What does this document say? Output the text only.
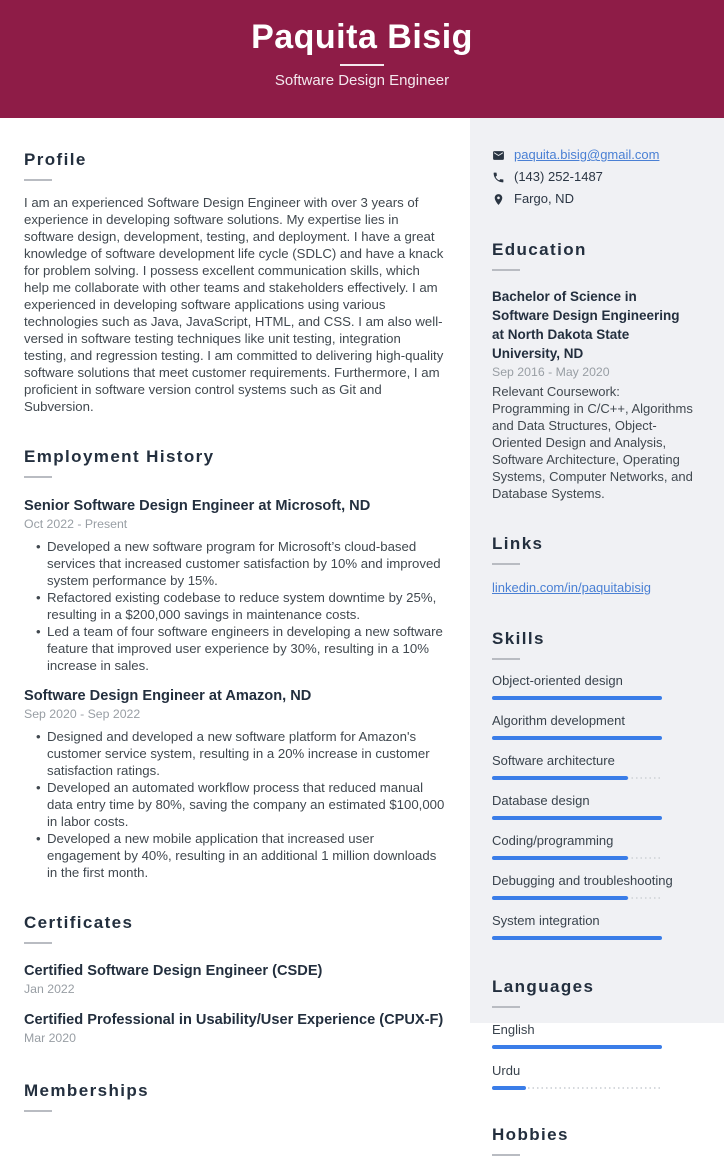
Paquita Bisig
Software Design Engineer
Profile

I am an experienced Software Design Engineer with over 3 years of experience in developing software solutions. My expertise lies in software design, development, testing, and deployment. I have a great knowledge of software development life cycle (SDLC) and have a knack for problem solving. I possess excellent communication skills, which help me collaborate with other teams and stakeholders effectively. I am experienced in developing software applications using various technologies such as Java, JavaScript, HTML, and CSS. I am also well-versed in software testing techniques like unit testing, integration testing, and regression testing. I am committed to delivering high-quality software solutions that meet customer requirements. Furthermore, I am proficient in software version control systems such as Git and Subversion.

Employment History
Senior Software Design Engineer at Microsoft, ND
Oct 2022 - Present
• Developed a new software program for Microsoft’s cloud-based services that increased customer satisfaction by 10% and improved system performance by 15%.
• Refactored existing codebase to reduce system downtime by 25%, resulting in a $200,000 savings in maintenance costs.
• Led a team of four software engineers in developing a new software feature that improved user experience by 30%, resulting in a 10% increase in sales.
Software Design Engineer at Amazon, ND
Sep 2020 - Sep 2022
• Designed and developed a new software platform for Amazon's customer service system, resulting in a 20% increase in customer satisfaction ratings.
• Developed an automated workflow process that reduced manual data entry time by 80%, saving the company an estimated $100,000 in labor costs.
• Developed a new mobile application that increased user engagement by 40%, resulting in an additional 1 million downloads in the first month.
Certificates
Certified Software Design Engineer (CSDE)
Jan 2022
Certified Professional in Usability/User Experience (CPUX-F)
Mar 2020
Memberships
paquita.bisig@gmail.com
(143) 252-1487
Fargo, ND
Education
Bachelor of Science in Software Design Engineering at North Dakota State University, ND
Sep 2016 - May 2020
Relevant Coursework: Programming in C/C++, Algorithms and Data Structures, Object-Oriented Design and Analysis, Software Architecture, Operating Systems, Computer Networks, and Database Systems.
Links
linkedin.com/in/paquitabisig
Skills
Object-oriented design
Algorithm development
Software architecture
Database design
Coding/programming
Debugging and troubleshooting
System integration
Languages
English
Urdu
Hobbies
